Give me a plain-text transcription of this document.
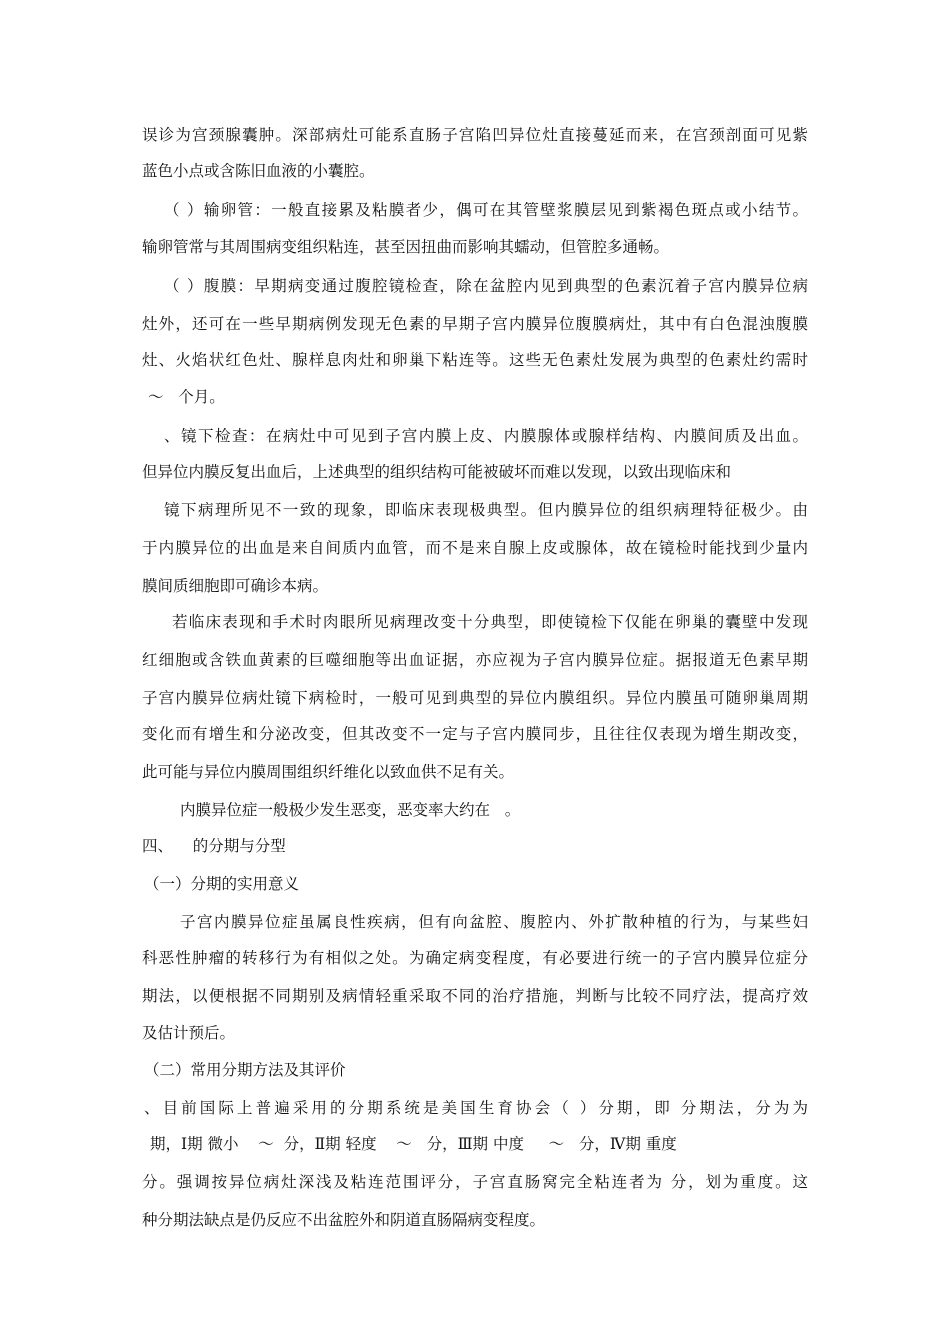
误诊为宫颈腺囊肿。深部病灶可能系直肠子宫陷凹异位灶直接蔓延而来，在宫颈剖面可见紫
蓝色小点或含陈旧血液的小囊腔。
（ ）输卵管：一般直接累及粘膜者少，偶可在其管壁浆膜层见到紫褐色斑点或小结节。
输卵管常与其周围病变组织粘连，甚至因扭曲而影响其蠕动，但管腔多通畅。
（ ）腹膜：早期病变通过腹腔镜检查，除在盆腔内见到典型的色素沉着子宫内膜异位病
灶外，还可在一些早期病例发现无色素的早期子宫内膜异位腹膜病灶，其中有白色混浊腹膜
灶、火焰状红色灶、腺样息肉灶和卵巢下粘连等。这些无色素灶发展为典型的色素灶约需时
～   个月。
、镜下检查：在病灶中可见到子宫内膜上皮、内膜腺体或腺样结构、内膜间质及出血。
但异位内膜反复出血后，上述典型的组织结构可能被破坏而难以发现，以致出现临床和
镜下病理所见不一致的现象，即临床表现极典型。但内膜异位的组织病理特征极少。由
于内膜异位的出血是来自间质内血管，而不是来自腺上皮或腺体，故在镜检时能找到少量内
膜间质细胞即可确诊本病。
若临床表现和手术时肉眼所见病理改变十分典型，即使镜检下仅能在卵巢的囊壁中发现
红细胞或含铁血黄素的巨噬细胞等出血证据，亦应视为子宫内膜异位症。据报道无色素早期
子宫内膜异位病灶镜下病检时，一般可见到典型的异位内膜组织。异位内膜虽可随卵巢周期
变化而有增生和分泌改变，但其改变不一定与子宫内膜同步，且往往仅表现为增生期改变，
此可能与异位内膜周围组织纤维化以致血供不足有关。
内膜异位症一般极少发生恶变，恶变率大约在   。
四、    的分期与分型
（一）分期的实用意义
子宫内膜异位症虽属良性疾病，但有向盆腔、腹腔内、外扩散种植的行为，与某些妇
科恶性肿瘤的转移行为有相似之处。为确定病变程度，有必要进行统一的子宫内膜异位症分
期法，以便根据不同期别及病情轻重采取不同的治疗措施，判断与比较不同疗法，提高疗效
及估计预后。
（二）常用分期方法及其评价
、目前国际上普遍采用的分期系统是美国生育协会（ ）分期，即 分期法，分为为
期，Ⅰ期 微小    ～  分，Ⅱ期 轻度    ～   分，Ⅲ期 中度     ～   分，Ⅳ期 重度
分。强调按异位病灶深浅及粘连范围评分，子宫直肠窝完全粘连者为 分，划为重度。这
种分期法缺点是仍反应不出盆腔外和阴道直肠隔病变程度。
